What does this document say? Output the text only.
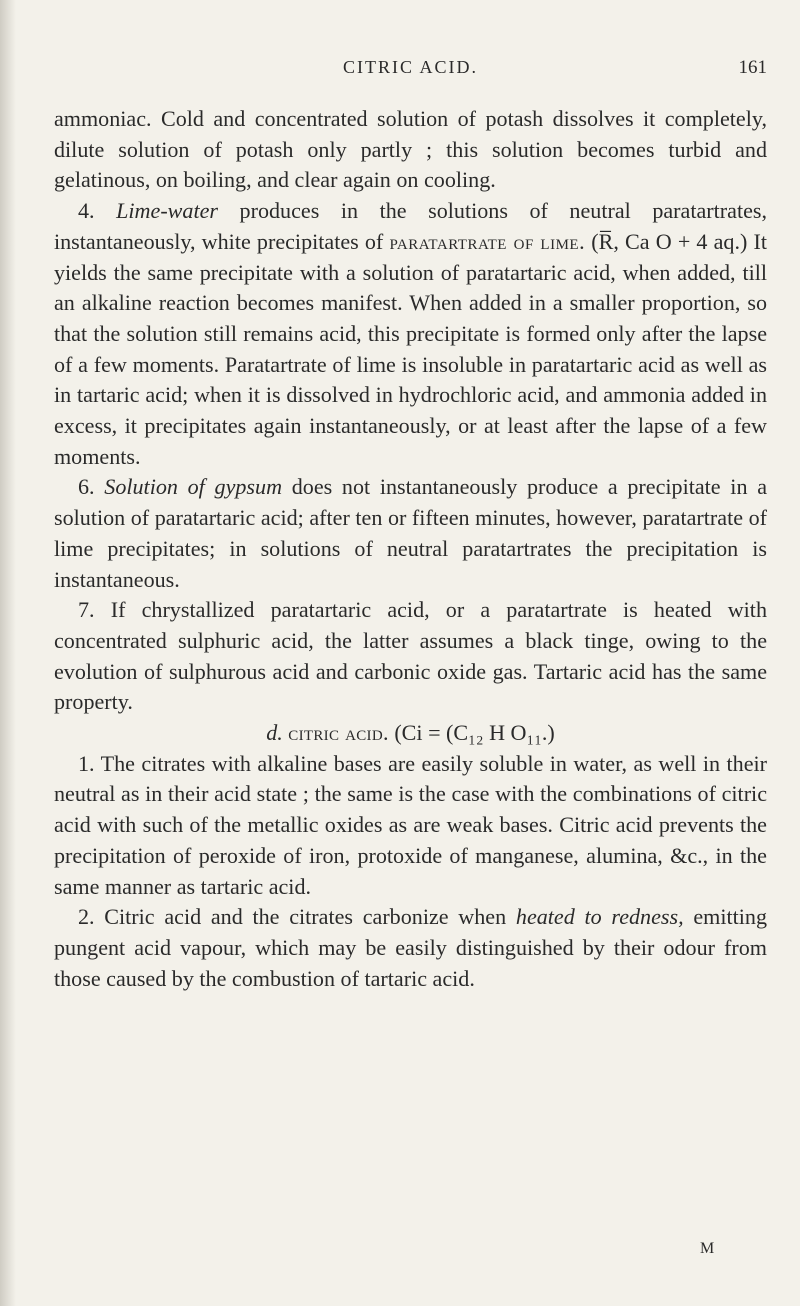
CITRIC ACID.	161

ammoniac. Cold and concentrated solution of potash dissolves it completely, dilute solution of potash only partly ; this solution becomes turbid and gelatinous, on boiling, and clear again on cooling.

4. Lime-water produces in the solutions of neutral paratartrates, instantaneously, white precipitates of paratartrate of lime. (R̅, Ca O + 4 aq.) It yields the same precipitate with a solution of paratartaric acid, when added, till an alkaline reaction becomes manifest. When added in a smaller proportion, so that the solution still remains acid, this precipitate is formed only after the lapse of a few moments. Paratartrate of lime is insoluble in paratartaric acid as well as in tartaric acid; when it is dissolved in hydrochloric acid, and ammonia added in excess, it precipitates again instantaneously, or at least after the lapse of a few moments.

6. Solution of gypsum does not instantaneously produce a precipitate in a solution of paratartaric acid; after ten or fifteen minutes, however, paratartrate of lime precipitates; in solutions of neutral paratartrates the precipitation is instantaneous.

7. If chrystallized paratartaric acid, or a paratartrate is heated with concentrated sulphuric acid, the latter assumes a black tinge, owing to the evolution of sulphurous acid and carbonic oxide gas. Tartaric acid has the same property.

d. citric acid. (Ci = (C₁₂ H O₁₁.)

1. The citrates with alkaline bases are easily soluble in water, as well in their neutral as in their acid state ; the same is the case with the combinations of citric acid with such of the metallic oxides as are weak bases. Citric acid prevents the precipitation of peroxide of iron, protoxide of manganese, alumina, &c., in the same manner as tartaric acid.

2. Citric acid and the citrates carbonize when heated to redness, emitting pungent acid vapour, which may be easily distinguished by their odour from those caused by the combustion of tartaric acid.

M
